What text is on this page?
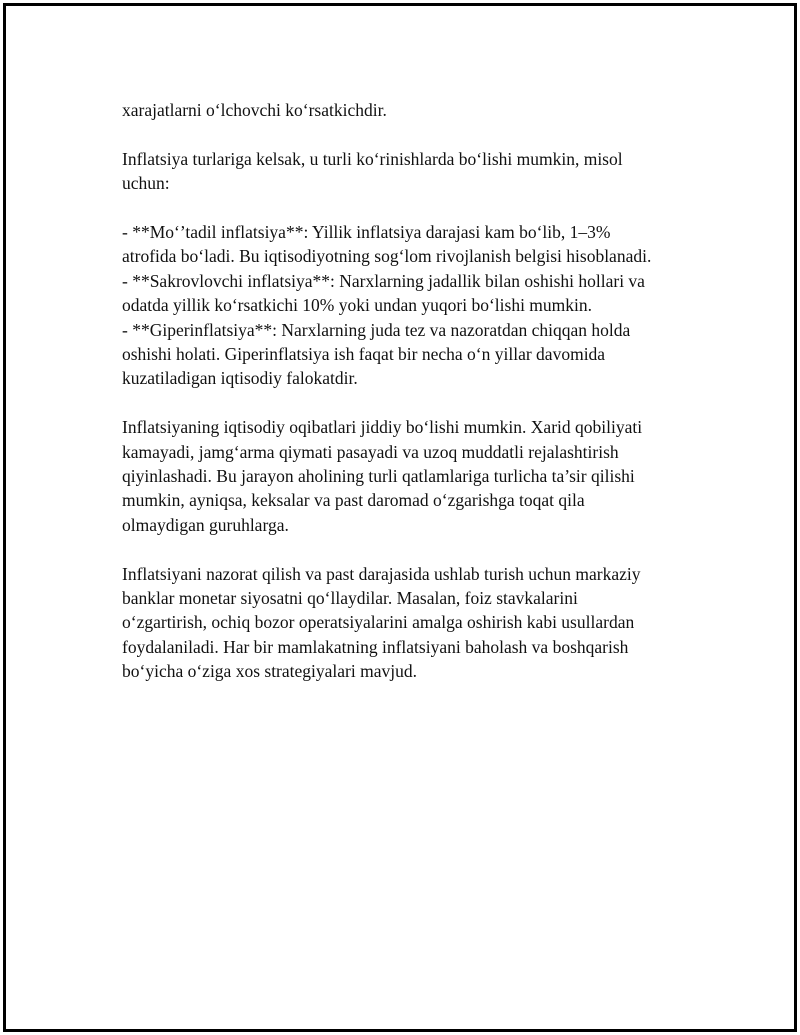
xarajatlarni o‘lchovchi ko‘rsatkichdir.
Inflatsiya turlariga kelsak, u turli ko‘rinishlarda bo‘lishi mumkin, misol
uchun:
- **Mo‘’tadil inflatsiya**: Yillik inflatsiya darajasi kam bo‘lib, 1–3%
atrofida bo‘ladi. Bu iqtisodiyotning sog‘lom rivojlanish belgisi hisoblanadi.
- **Sakrovlovchi inflatsiya**: Narxlarning jadallik bilan oshishi hollari va
odatda yillik ko‘rsatkichi 10% yoki undan yuqori bo‘lishi mumkin.
- **Giperinflatsiya**: Narxlarning juda tez va nazoratdan chiqqan holda
oshishi holati. Giperinflatsiya ish faqat bir necha o‘n yillar davomida
kuzatiladigan iqtisodiy falokatdir.
Inflatsiyaning iqtisodiy oqibatlari jiddiy bo‘lishi mumkin. Xarid qobiliyati
kamayadi, jamg‘arma qiymati pasayadi va uzoq muddatli rejalashtirish
qiyinlashadi. Bu jarayon aholining turli qatlamlariga turlicha ta’sir qilishi
mumkin, ayniqsa, keksalar va past daromad o‘zgarishga toqat qila
olmaydigan guruhlarga.
Inflatsiyani nazorat qilish va past darajasida ushlab turish uchun markaziy
banklar monetar siyosatni qo‘llaydilar. Masalan, foiz stavkalarini
o‘zgartirish, ochiq bozor operatsiyalarini amalga oshirish kabi usullardan
foydalaniladi. Har bir mamlakatning inflatsiyani baholash va boshqarish
bo‘yicha o‘ziga xos strategiyalari mavjud.
